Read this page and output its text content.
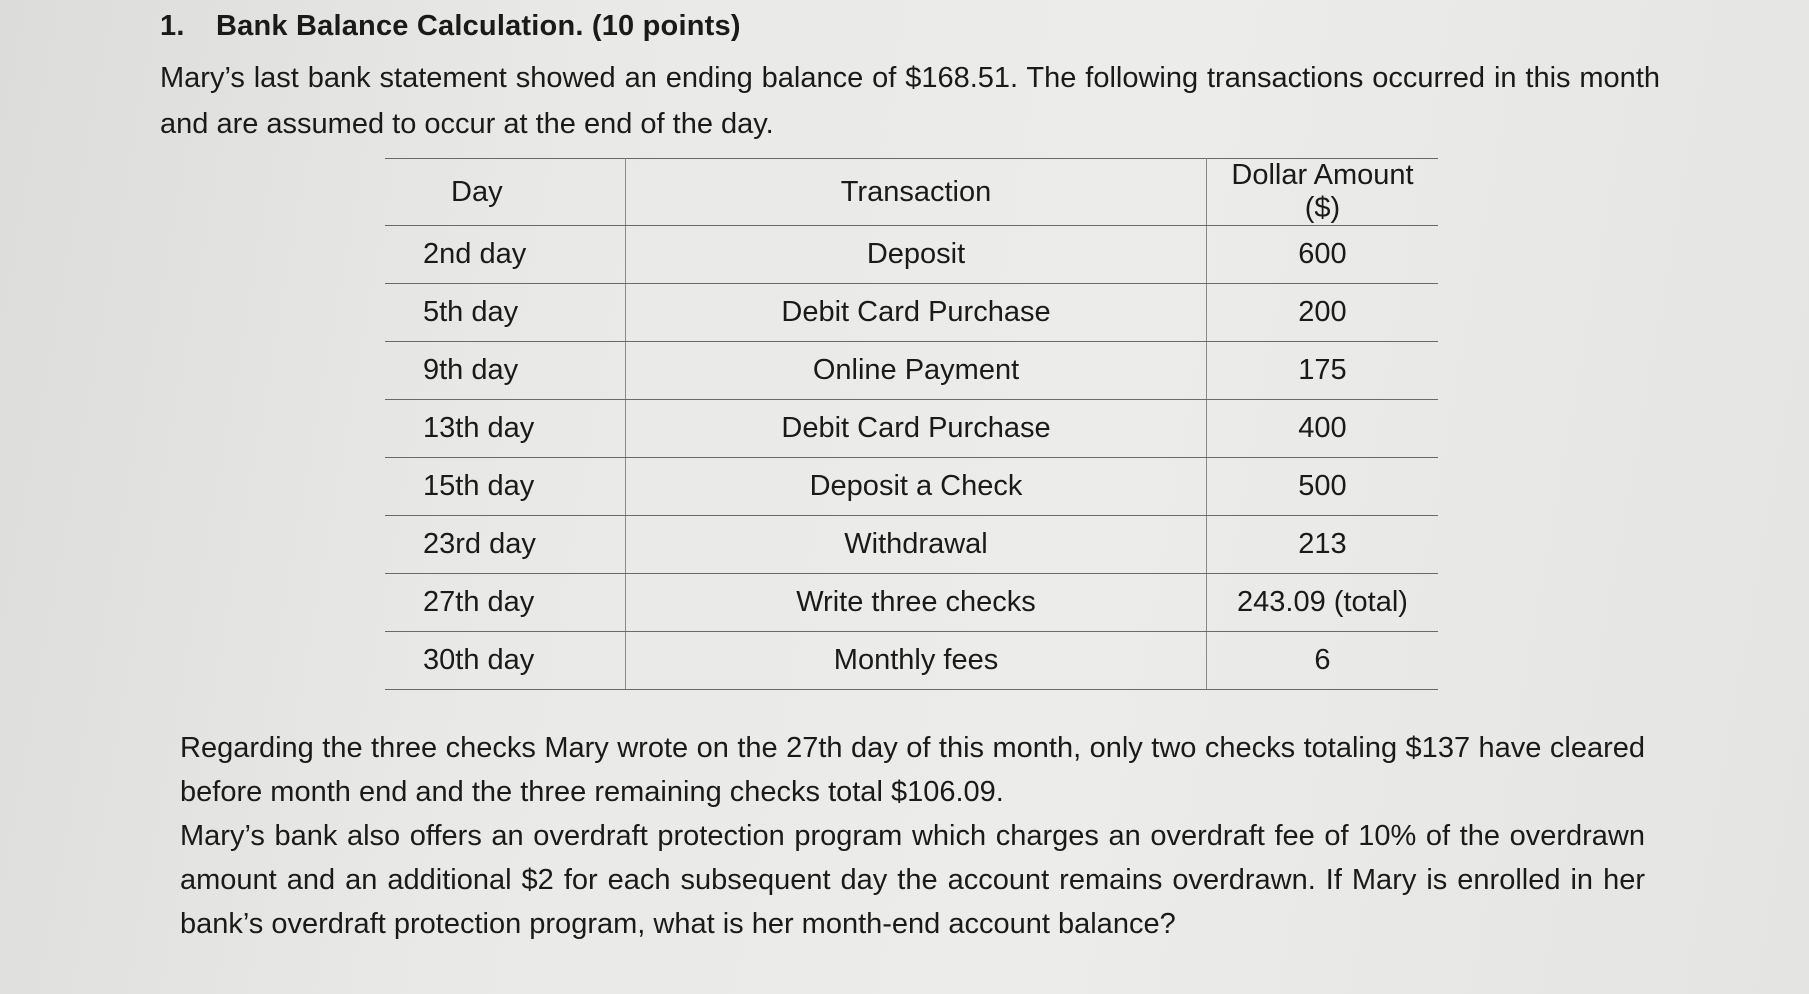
1. Bank Balance Calculation. (10 points)
Mary’s last bank statement showed an ending balance of $168.51. The following transactions occurred in this month and are assumed to occur at the end of the day.
Day	Transaction	Dollar Amount ($)
2nd day	Deposit	600
5th day	Debit Card Purchase	200
9th day	Online Payment	175
13th day	Debit Card Purchase	400
15th day	Deposit a Check	500
23rd day	Withdrawal	213
27th day	Write three checks	243.09 (total)
30th day	Monthly fees	6

Regarding the three checks Mary wrote on the 27th day of this month, only two checks totaling $137 have cleared before month end and the three remaining checks total $106.09.

Mary’s bank also offers an overdraft protection program which charges an overdraft fee of 10% of the overdrawn amount and an additional $2 for each subsequent day the account remains overdrawn. If Mary is enrolled in her bank’s overdraft protection program, what is her month-end account balance?
